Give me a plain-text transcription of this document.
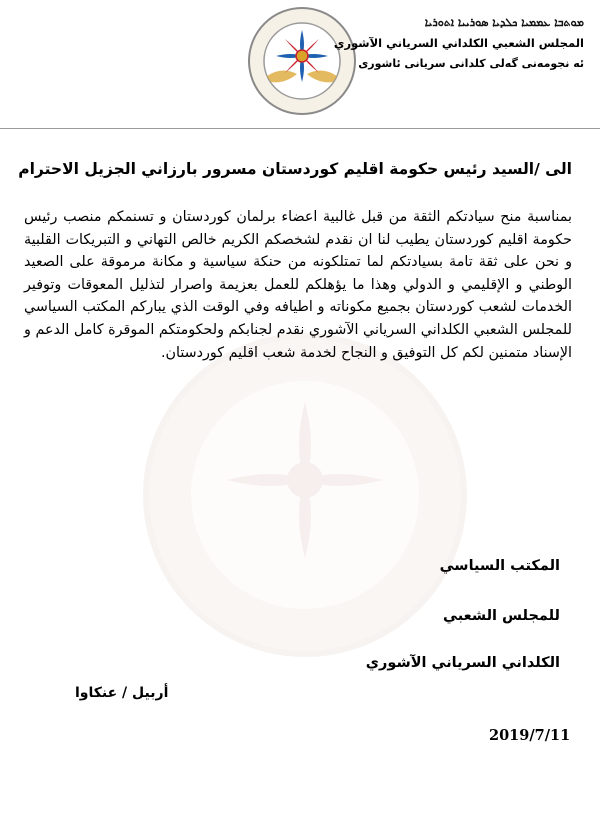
ܡܘܬܒܐ ܥܡܡܝܐ ܟܠܕܝܐ ܣܘܪܝܝܐ ܐܬܘܪܝܐ
المجلس الشعبي الكلداني السرياني الآشوري
ئه نجومه‌نی گه‌لی كلدانی سریانی ئاشوری
الى /السيد رئيس حكومة اقليم كوردستان مسرور بارزاني الجزيل الاحترام
بمناسبة منح سيادتكم الثقة من قبل غالبية اعضاء برلمان كوردستان و تسنمكم منصب رئيس حكومة اقليم كوردستان يطيب لنا ان نقدم لشخصكم الكريم خالص التهاني و التبريكات القلبية و نحن على ثقة تامة بسيادتكم لما تمتلكونه من حنكة سياسية و مكانة مرموقة على الصعيد الوطني و الإقليمي و الدولي وهذا ما يؤهلكم للعمل بعزيمة واصرار لتذليل المعوقات وتوفير الخدمات لشعب كوردستان بجميع مكوناته و اطيافه وفي الوقت الذي يباركم المكتب السياسي للمجلس الشعبي الكلداني السرياني الآشوري نقدم لجنابكم ولحكومتكم الموقرة كامل الدعم و الإسناد متمنين لكم كل التوفيق و النجاح لخدمة شعب اقليم كوردستان.
المكتب السياسي
للمجلس الشعبي
الكلداني السرياني الآشوري
أربيل / عنكاوا
2019/7/11
